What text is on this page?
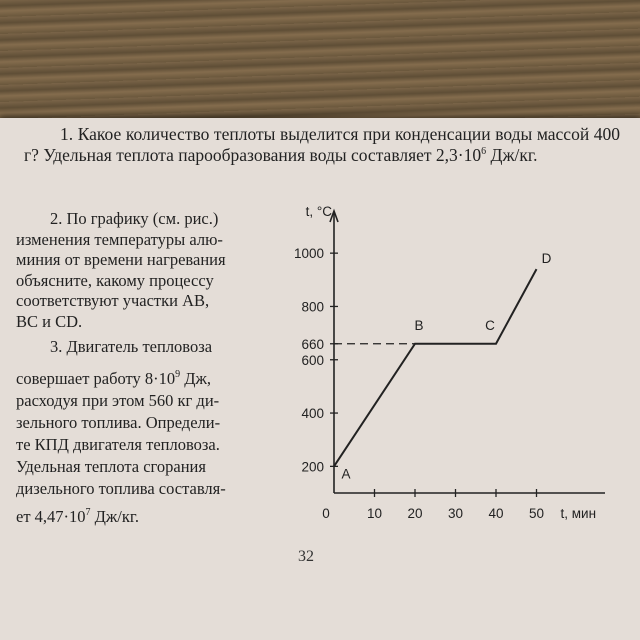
1. Какое количество теплоты выделится при конденсации воды массой 400 г? Удельная теплота парообразования воды составляет $2,3\cdot 10^6$ Дж/кг.
2. По графику (см. рис.)
изменения температуры алю-
миния от времени нагревания
объясните, какому процессу
соответствуют участки АВ,
ВС и CD.
3. Двигатель тепловоза
совершает работу $8\cdot 10^9$ Дж,
расходуя при этом 560 кг ди-
зельного топлива. Определи-
те КПД двигателя тепловоза.
Удельная теплота сгорания
дизельного топлива составля-
ет $4,47\cdot 10^7$ Дж/кг.
32
200
400
600
660
800
1000
0	10 20 30 40 50
t, °C
t, мин
A
B	C
D
